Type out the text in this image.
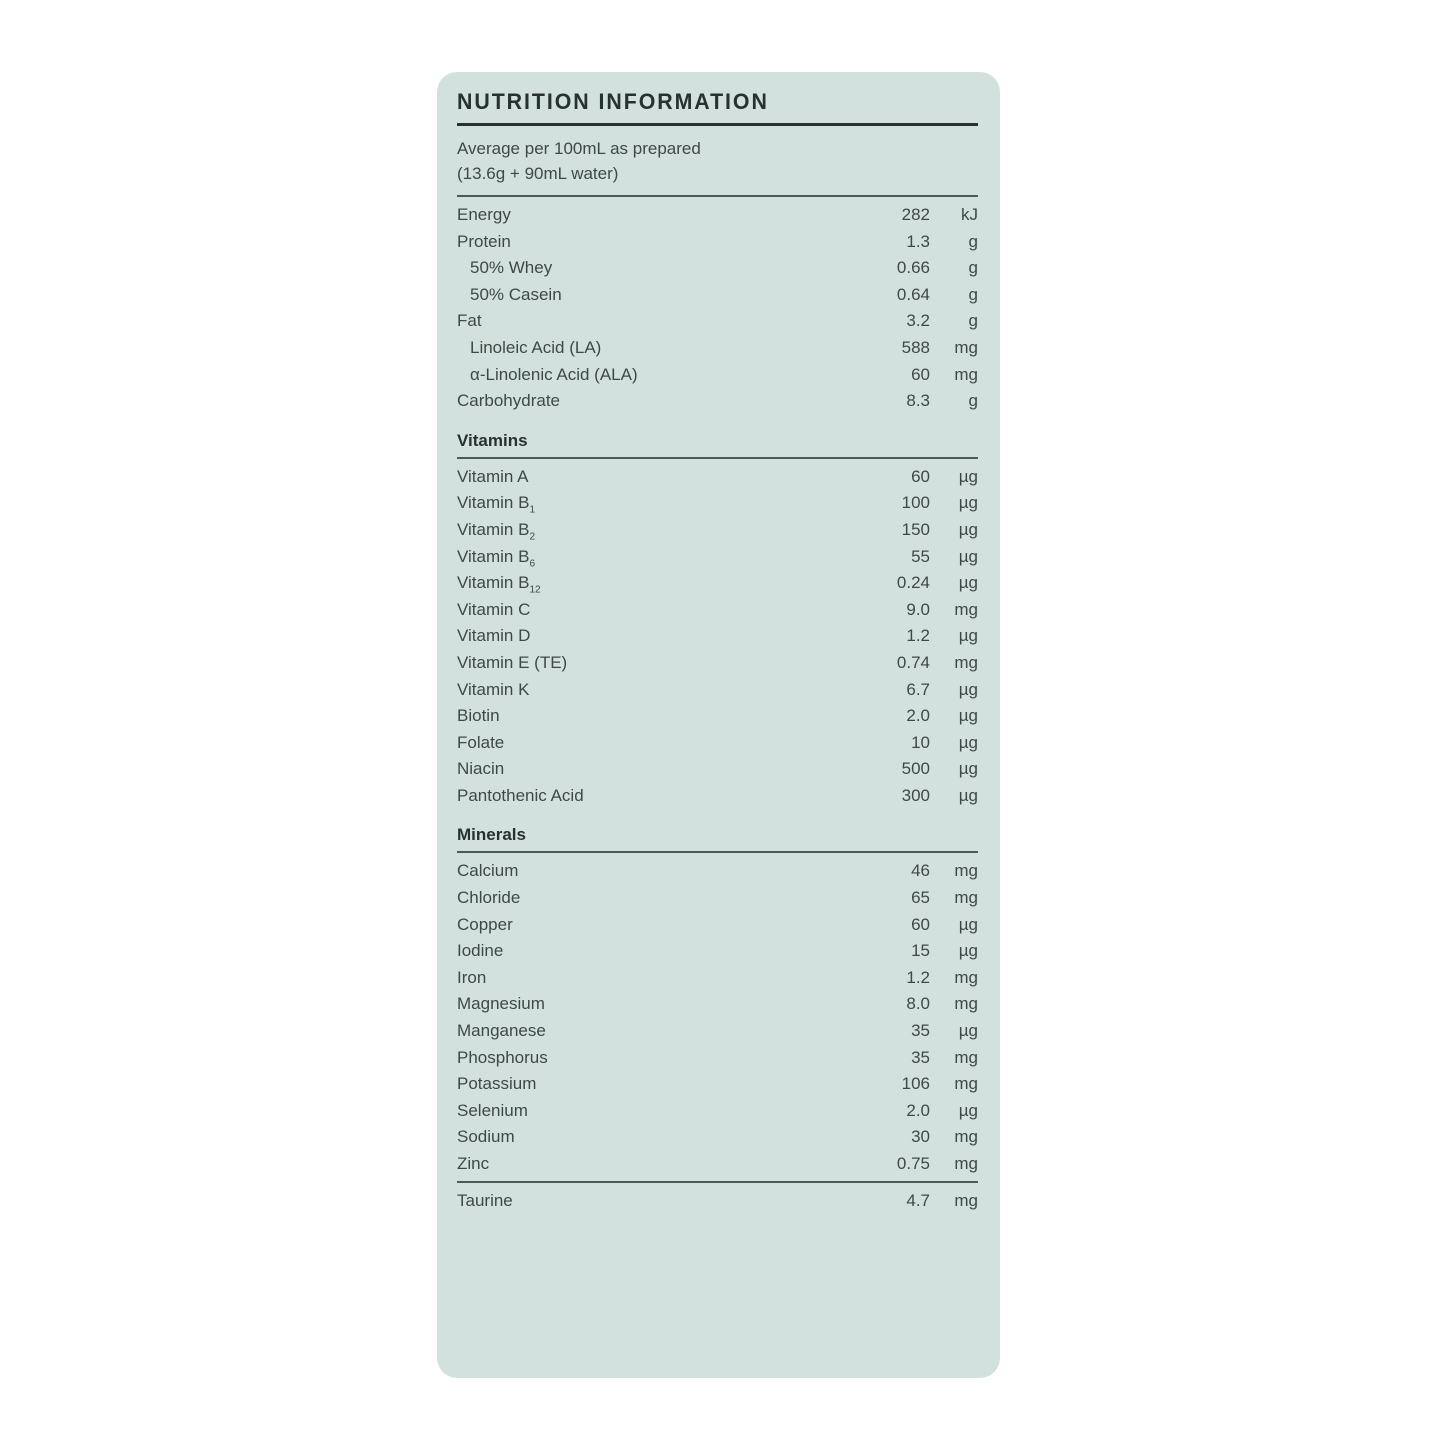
NUTRITION INFORMATION
Average per 100mL as prepared
(13.6g + 90mL water)
Energy	282	kJ
Protein	1.3	g
50% Whey	0.66	g
50% Casein	0.64	g
Fat	3.2	g
Linoleic Acid (LA)	588	mg
α-Linolenic Acid (ALA)	60	mg
Carbohydrate	8.3	g
Vitamins
Vitamin A	60	µg
Vitamin $B_1$	100	µg
Vitamin $B_2$	150	µg
Vitamin $B_6$	55	µg
Vitamin $B_{12}$	0.24	µg
Vitamin C	9.0	mg
Vitamin D	1.2	µg
Vitamin E (TE)	0.74	mg
Vitamin K	6.7	µg
Biotin	2.0	µg
Folate	10	µg
Niacin	500	µg
Pantothenic Acid	300	µg
Minerals
Calcium	46	mg
Chloride	65	mg
Copper	60	µg
Iodine	15	µg
Iron	1.2	mg
Magnesium	8.0	mg
Manganese	35	µg
Phosphorus	35	mg
Potassium	106	mg
Selenium	2.0	µg
Sodium	30	mg
Zinc	0.75	mg
Taurine	4.7	mg
